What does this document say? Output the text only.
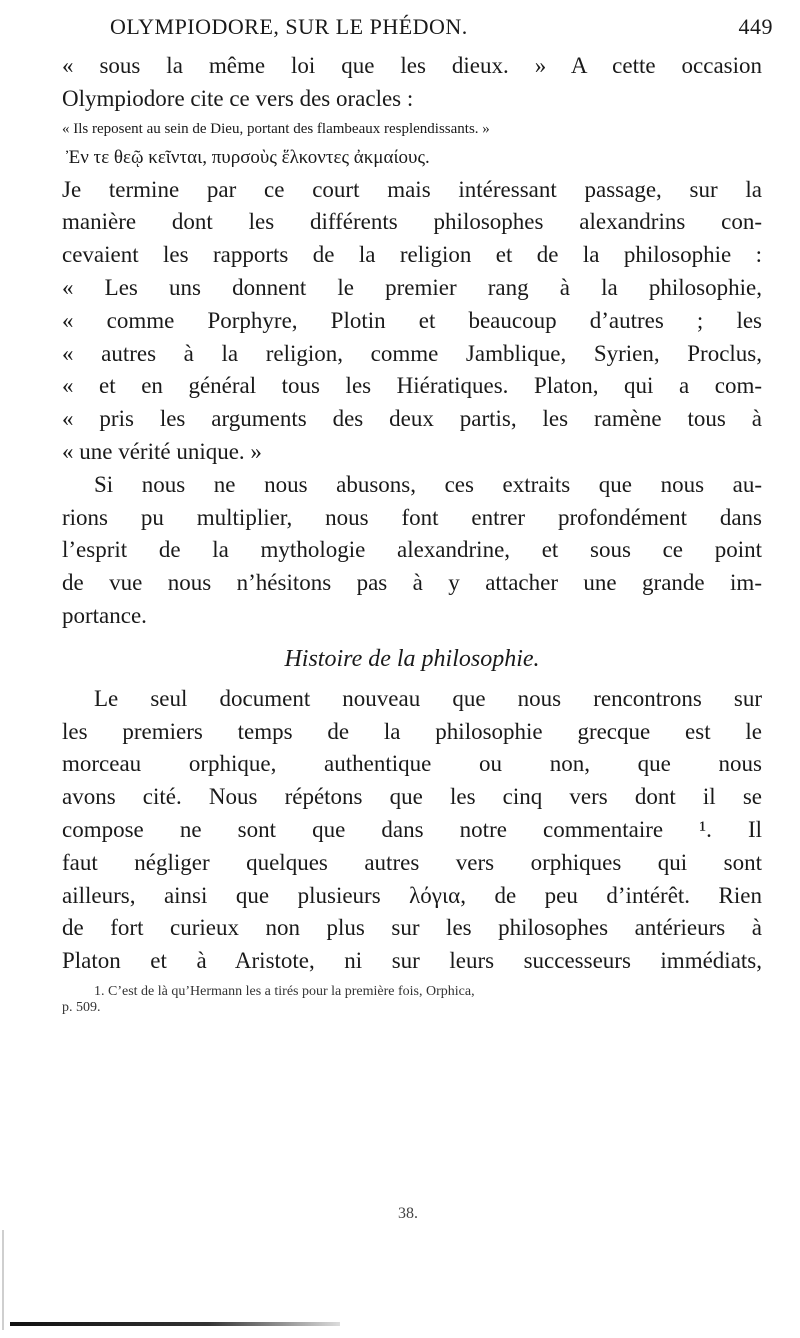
OLYMPIODORE, SUR LE PHÉDON.	449
« sous la même loi que les dieux. » A cette occasion
Olympiodore cite ce vers des oracles :
« Ils reposent au sein de Dieu, portant des flambeaux resplendissants. »
Ἐν τε θεῷ κεῖνται, πυρσοὺς ἕλκοντες ἀκμαίους.
Je termine par ce court mais intéressant passage, sur la
manière dont les différents philosophes alexandrins con-
cevaient les rapports de la religion et de la philosophie :
« Les uns donnent le premier rang à la philosophie,
« comme Porphyre, Plotin et beaucoup d’autres ; les
« autres à la religion, comme Jamblique, Syrien, Proclus,
« et en général tous les Hiératiques. Platon, qui a com-
« pris les arguments des deux partis, les ramène tous à
« une vérité unique. »
Si nous ne nous abusons, ces extraits que nous au-
rions pu multiplier, nous font entrer profondément dans
l’esprit de la mythologie alexandrine, et sous ce point
de vue nous n’hésitons pas à y attacher une grande im-
portance.
Histoire de la philosophie.
Le seul document nouveau que nous rencontrons sur
les premiers temps de la philosophie grecque est le
morceau orphique, authentique ou non, que nous
avons cité. Nous répétons que les cinq vers dont il se
compose ne sont que dans notre commentaire ¹. Il
faut négliger quelques autres vers orphiques qui sont
ailleurs, ainsi que plusieurs λόγια, de peu d’intérêt. Rien
de fort curieux non plus sur les philosophes antérieurs à
Platon et à Aristote, ni sur leurs successeurs immédiats,
1. C’est de là qu’Hermann les a tirés pour la première fois, Orphica,
p. 509.
38.
